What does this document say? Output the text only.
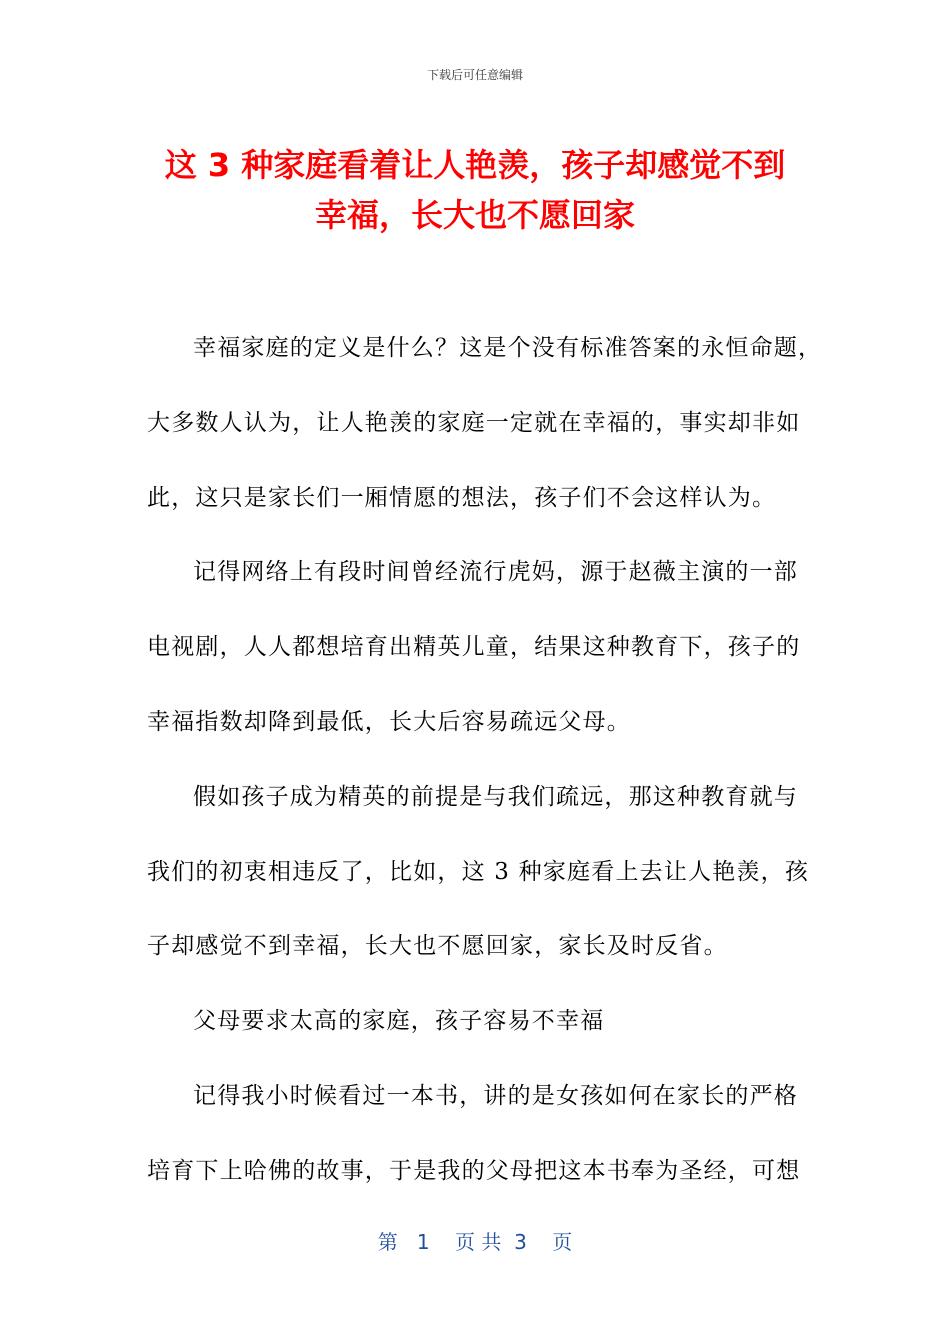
下载后可任意编辑
这 3 种家庭看着让人艳羡，孩子却感觉不到
幸福，长大也不愿回家
幸福家庭的定义是什么？这是个没有标准答案的永恒命题，
大多数人认为，让人艳羡的家庭一定就在幸福的，事实却非如
此，这只是家长们一厢情愿的想法，孩子们不会这样认为。
记得网络上有段时间曾经流行虎妈，源于赵薇主演的一部
电视剧，人人都想培育出精英儿童，结果这种教育下，孩子的
幸福指数却降到最低，长大后容易疏远父母。
假如孩子成为精英的前提是与我们疏远，那这种教育就与
我们的初衷相违反了，比如，这 3 种家庭看上去让人艳羡，孩
子却感觉不到幸福，长大也不愿回家，家长及时反省。
父母要求太高的家庭，孩子容易不幸福
记得我小时候看过一本书，讲的是女孩如何在家长的严格
培育下上哈佛的故事，于是我的父母把这本书奉为圣经，可想
第   1    页 共  3    页
